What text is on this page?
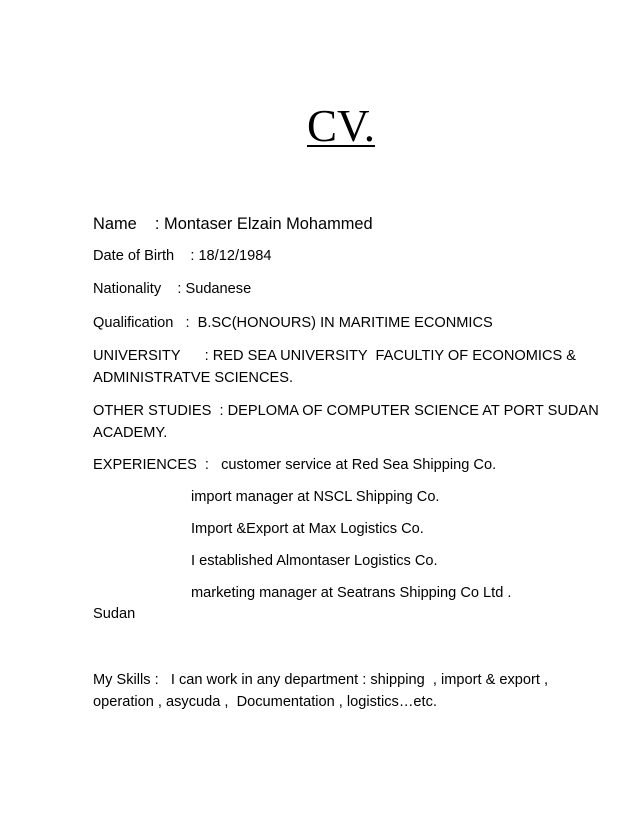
CV.
Name    : Montaser Elzain Mohammed
Date of Birth    : 18/12/1984
Nationality    : Sudanese
Qualification   :  B.SC(HONOURS) IN MARITIME ECONMICS
UNIVERSITY      : RED SEA UNIVERSITY  FACULTIY OF ECONOMICS &
ADMINISTRATVE SCIENCES.
OTHER STUDIES  : DEPLOMA OF COMPUTER SCIENCE AT PORT SUDAN
ACADEMY.
EXPERIENCES  :   customer service at Red Sea Shipping Co.
import manager at NSCL Shipping Co.
Import &Export at Max Logistics Co.
I established Almontaser Logistics Co.
marketing manager at Seatrans Shipping Co Ltd .
Sudan
My Skills :   I can work in any department : shipping  , import & export ,
operation , asycuda ,  Documentation , logistics…etc.
